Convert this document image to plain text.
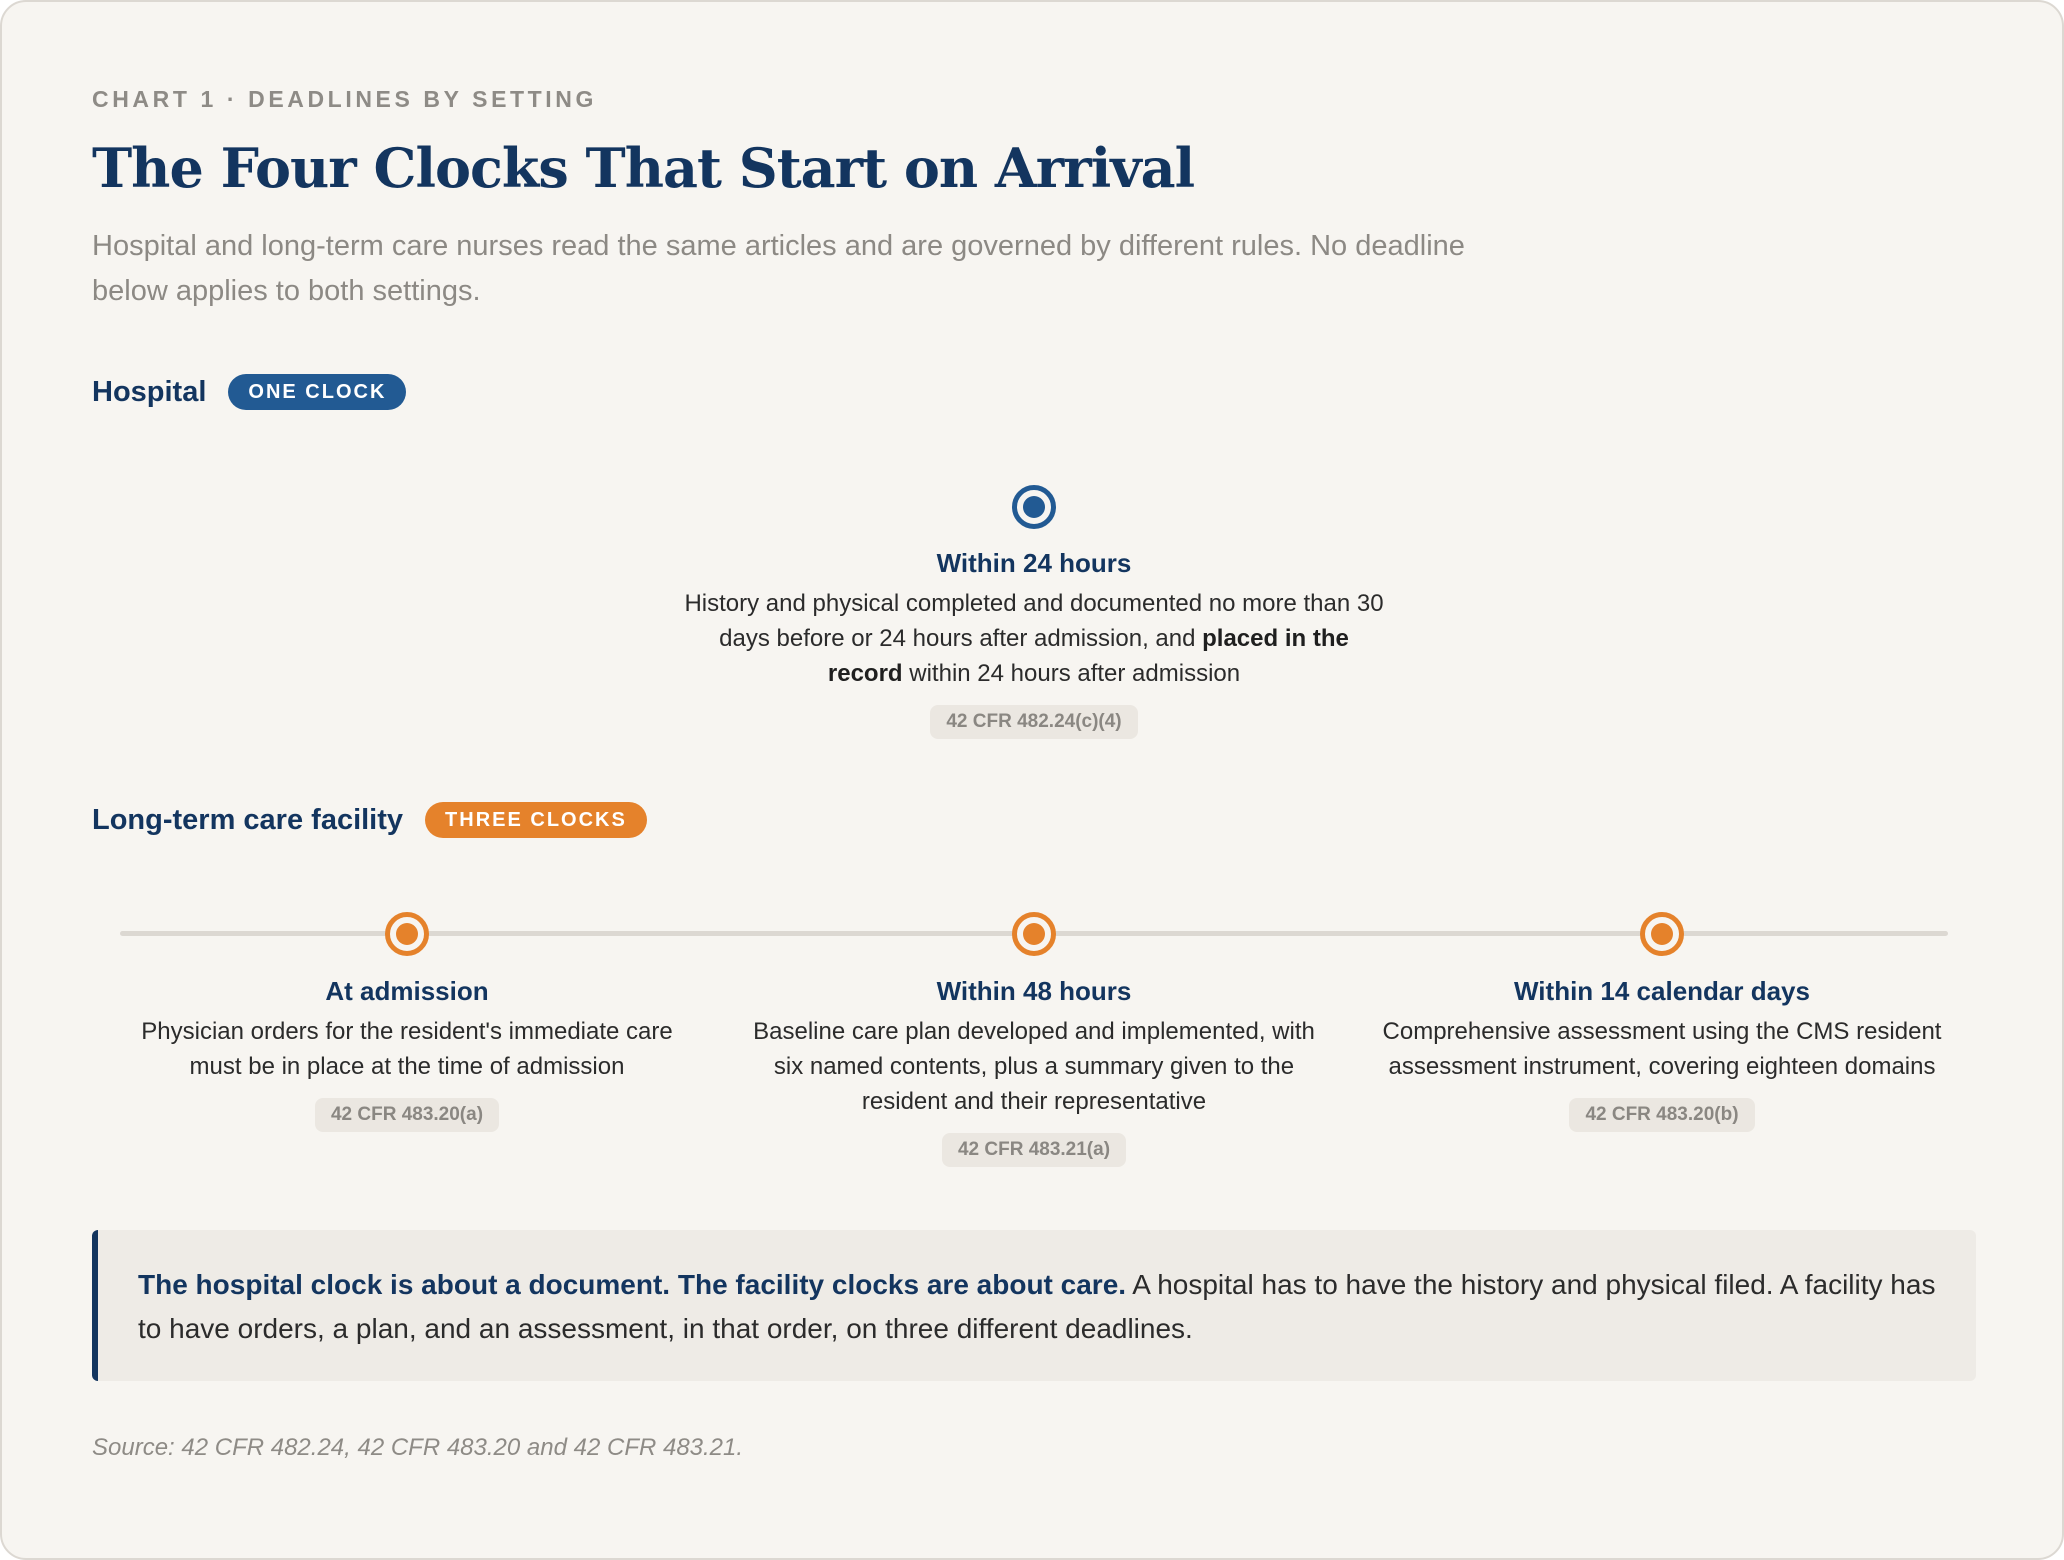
CHART 1 · DEADLINES BY SETTING
The Four Clocks That Start on Arrival
Hospital and long-term care nurses read the same articles and are governed by different rules. No deadline below applies to both settings.
Hospital	ONE CLOCK
Within 24 hours
History and physical completed and documented no more than 30 days before or 24 hours after admission, and placed in the record within 24 hours after admission
42 CFR 482.24(c)(4)
Long-term care facility	THREE CLOCKS
At admission
Physician orders for the resident's immediate care must be in place at the time of admission
42 CFR 483.20(a)
Within 48 hours
Baseline care plan developed and implemented, with six named contents, plus a summary given to the resident and their representative
42 CFR 483.21(a)
Within 14 calendar days
Comprehensive assessment using the CMS resident assessment instrument, covering eighteen domains
42 CFR 483.20(b)
The hospital clock is about a document. The facility clocks are about care. A hospital has to have the history and physical filed. A facility has to have orders, a plan, and an assessment, in that order, on three different deadlines.
Source: 42 CFR 482.24, 42 CFR 483.20 and 42 CFR 483.21.
